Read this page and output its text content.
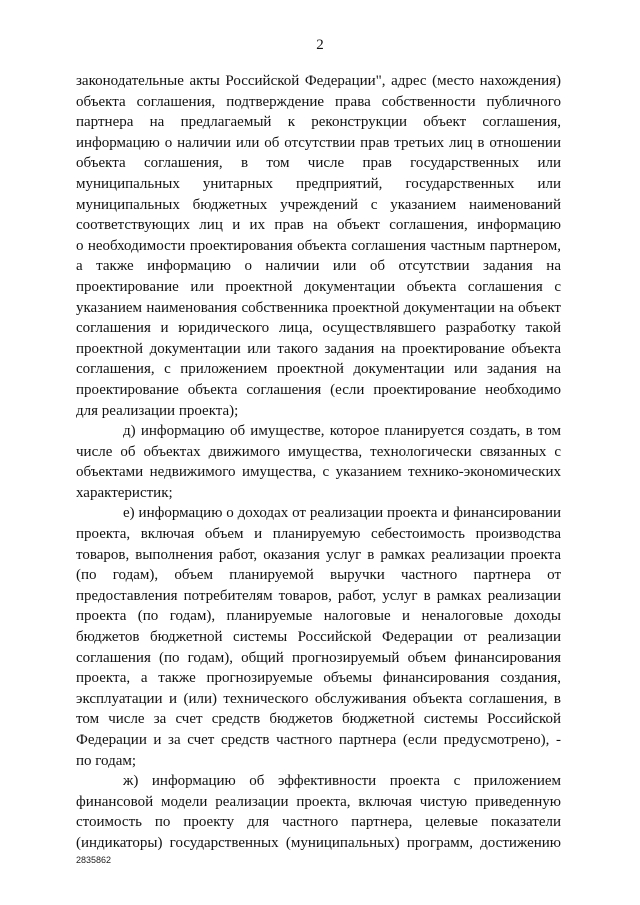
2
законодательные акты Российской Федерации", адрес (место нахождения)
объекта соглашения, подтверждение права собственности публичного
партнера на предлагаемый к реконструкции объект соглашения,
информацию о наличии или об отсутствии прав третьих лиц в отношении
объекта соглашения, в том числе прав государственных или
муниципальных унитарных предприятий, государственных или
муниципальных бюджетных учреждений с указанием наименований
соответствующих лиц и их прав на объект соглашения, информацию
о необходимости проектирования объекта соглашения частным партнером,
а также информацию о наличии или об отсутствии задания на
проектирование или проектной документации объекта соглашения с
указанием наименования собственника проектной документации на объект
соглашения и юридического лица, осуществлявшего разработку такой
проектной документации или такого задания на проектирование объекта
соглашения, с приложением проектной документации или задания на
проектирование объекта соглашения (если проектирование необходимо
для реализации проекта);
д) информацию об имуществе, которое планируется создать, в том
числе об объектах движимого имущества, технологически связанных с
объектами недвижимого имущества, с указанием технико-экономических
характеристик;
е) информацию о доходах от реализации проекта и финансировании
проекта, включая объем и планируемую себестоимость производства
товаров, выполнения работ, оказания услуг в рамках реализации проекта
(по годам), объем планируемой выручки частного партнера от
предоставления потребителям товаров, работ, услуг в рамках реализации
проекта (по годам), планируемые налоговые и неналоговые доходы
бюджетов бюджетной системы Российской Федерации от реализации
соглашения (по годам), общий прогнозируемый объем финансирования
проекта, а также прогнозируемые объемы финансирования создания,
эксплуатации и (или) технического обслуживания объекта соглашения, в
том числе за счет средств бюджетов бюджетной системы Российской
Федерации и за счет средств частного партнера (если предусмотрено), -
по годам;
ж) информацию об эффективности проекта с приложением
финансовой модели реализации проекта, включая чистую приведенную
стоимость по проекту для частного партнера, целевые показатели
(индикаторы) государственных (муниципальных) программ, достижению
2835862
